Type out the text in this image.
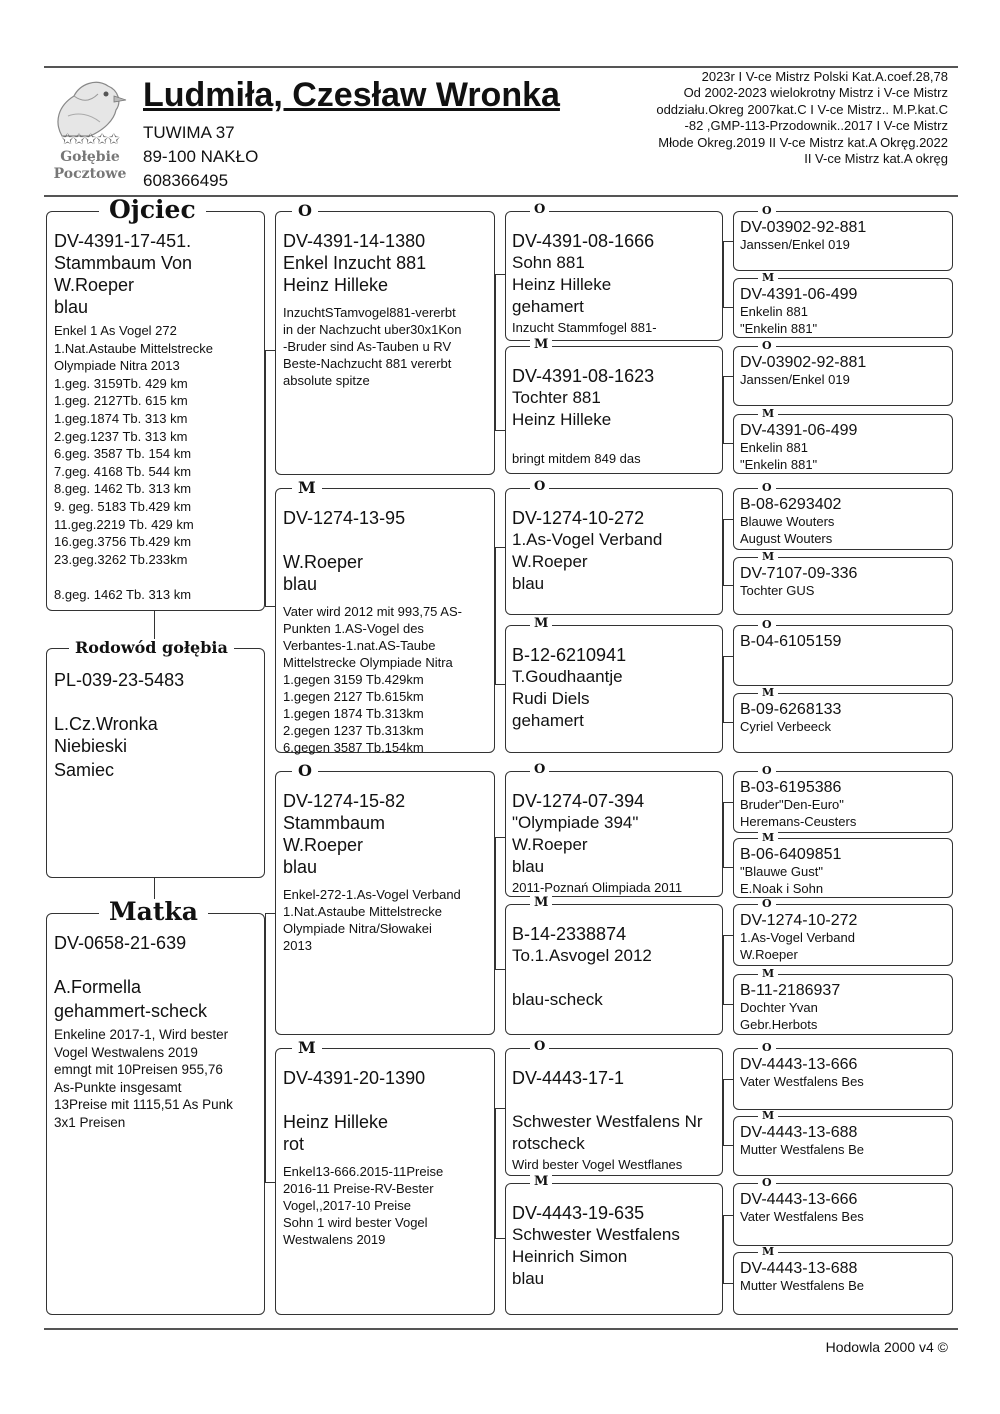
✩✩✩✩✩
Gołębie
Pocztowe
Ludmiła, Czesław Wronka
TUWIMA 37
89-100 NAKŁO
608366495
2023r I V-ce Mistrz Polski Kat.A.coef.28,78
Od 2002-2023 wielokrotny Mistrz i V-ce Mistrz
oddziału.Okreg 2007kat.C I V-ce Mistrz.. M.P.kat.C
-82 ,GMP-113-Przodownik..2017 I V-ce Mistrz
Młode Okreg.2019 II V-ce Mistrz kat.A Okręg.2022
II V-ce Mistrz kat.A okręg
Ojciec
DV-4391-17-451.
Stammbaum Von
W.Roeper
blau
Enkel 1 As Vogel 272
1.Nat.Astaube Mittelstrecke
Olympiade Nitra 2013
1.geg. 3159Tb. 429 km
1.geg. 2127Tb. 615 km
1.geg.1874 Tb. 313 km
2.geg.1237 Tb. 313 km
6.geg. 3587 Tb. 154 km
7.geg. 4168 Tb. 544 km
8.geg. 1462 Tb. 313 km
9. geg. 5183 Tb.429 km
11.geg.2219 Tb. 429 km
16.geg.3756 Tb.429 km
23.geg.3262 Tb.233km
8.geg. 1462 Tb. 313 km
Rodowód gołębia
PL-039-23-5483
L.Cz.Wronka
Niebieski
Samiec
Matka
DV-0658-21-639
A.Formella
gehammert-scheck
Enkeline 2017-1, Wird bester
Vogel Westwalens 2019
emngt mit 10Preisen 955,76
As-Punkte insgesamt
13Preise mit 1115,51 As Punk
3x1 Preisen
O
DV-4391-14-1380
Enkel Inzucht 881
Heinz Hilleke
InzuchtSTamvogel881-vererbt
in der Nachzucht uber30x1Kon
-Bruder sind As-Tauben u RV
Beste-Nachzucht 881 vererbt
absolute spitze
M
DV-1274-13-95
W.Roeper
blau
Vater wird 2012 mit 993,75 AS-
Punkten 1.AS-Vogel des
Verbantes-1.nat.AS-Taube
Mittelstrecke Olympiade Nitra
1.gegen 3159 Tb.429km
1.gegen 2127 Tb.615km
1.gegen 1874 Tb.313km
2.gegen 1237 Tb.313km
6.gegen 3587 Tb.154km
O
DV-1274-15-82
Stammbaum
W.Roeper
blau
Enkel-272-1.As-Vogel Verband
1.Nat.Astaube Mittelstrecke
Olympiade Nitra/Słowakei
2013
M
DV-4391-20-1390
Heinz Hilleke
rot
Enkel13-666.2015-11Preise
2016-11 Preise-RV-Bester
Vogel,,2017-10 Preise
Sohn 1 wird bester Vogel
Westwalens 2019
O
DV-4391-08-1666
Sohn 881
Heinz Hilleke
gehamert
Inzucht Stammfogel 881-
M
DV-4391-08-1623
Tochter 881
Heinz Hilleke
bringt mitdem 849 das
O
DV-1274-10-272
1.As-Vogel Verband
W.Roeper
blau
M
B-12-6210941
T.Goudhaantje
Rudi Diels
gehamert
O
DV-1274-07-394
"Olympiade 394"
W.Roeper
blau
2011-Poznań Olimpiada 2011
M
B-14-2338874
To.1.Asvogel 2012
blau-scheck
O
DV-4443-17-1
Schwester Westfalens Nr
rotscheck
Wird bester Vogel Westflanes
M
DV-4443-19-635
Schwester Westfalens
Heinrich Simon
blau
O
DV-03902-92-881
Janssen/Enkel 019
M
DV-4391-06-499
Enkelin 881
"Enkelin 881"
O
DV-03902-92-881
Janssen/Enkel 019
M
DV-4391-06-499
Enkelin 881
"Enkelin 881"
O
B-08-6293402
Blauwe Wouters
August Wouters
M
DV-7107-09-336
Tochter GUS
O
B-04-6105159
M
B-09-6268133
Cyriel Verbeeck
O
B-03-6195386
Bruder"Den-Euro"
Heremans-Ceusters
M
B-06-6409851
"Blauwe Gust"
E.Noak i Sohn
O
DV-1274-10-272
1.As-Vogel Verband
W.Roeper
M
B-11-2186937
Dochter Yvan
Gebr.Herbots
O
DV-4443-13-666
Vater Westfalens Bes
M
DV-4443-13-688
Mutter Westfalens Be
O
DV-4443-13-666
Vater Westfalens Bes
M
DV-4443-13-688
Mutter Westfalens Be
Hodowla 2000 v4 ©
